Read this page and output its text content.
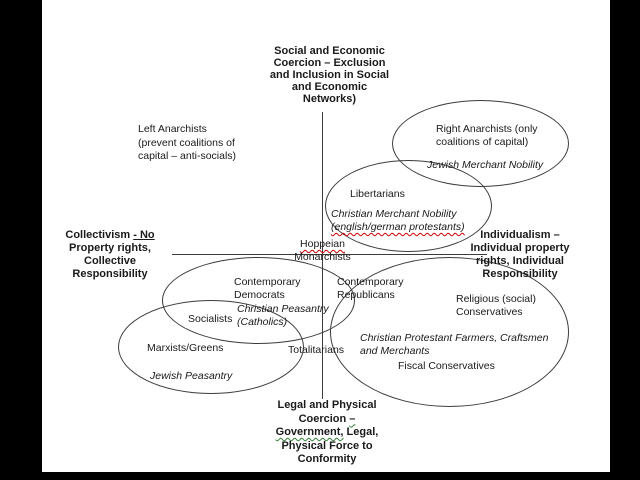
Social and Economic
Coercion – Exclusion
and Inclusion in Social
and Economic
Networks)
Collectivism - No
Property rights,
Collective
Responsibility
Individualism –
Individual property
rights, Individual
Responsibility
Legal and Physical
Coercion –
Government, Legal,
Physical Force to
Conformity
Left Anarchists
(prevent coalitions of
capital – anti-socials)
Right Anarchists (only
coalitions of capital)
Jewish Merchant Nobility
Libertarians
Christian Merchant Nobility
(english/german protestants)
Hoppeian
Monarchists
Contemporary
Democrats
Christian Peasantry
(Catholics)
Contemporary
Republicans
Socialists
Marxists/Greens
Jewish Peasantry
Totalitarians
Religious (social)
Conservatives
Christian Protestant Farmers, Craftsmen
and Merchants
Fiscal Conservatives
